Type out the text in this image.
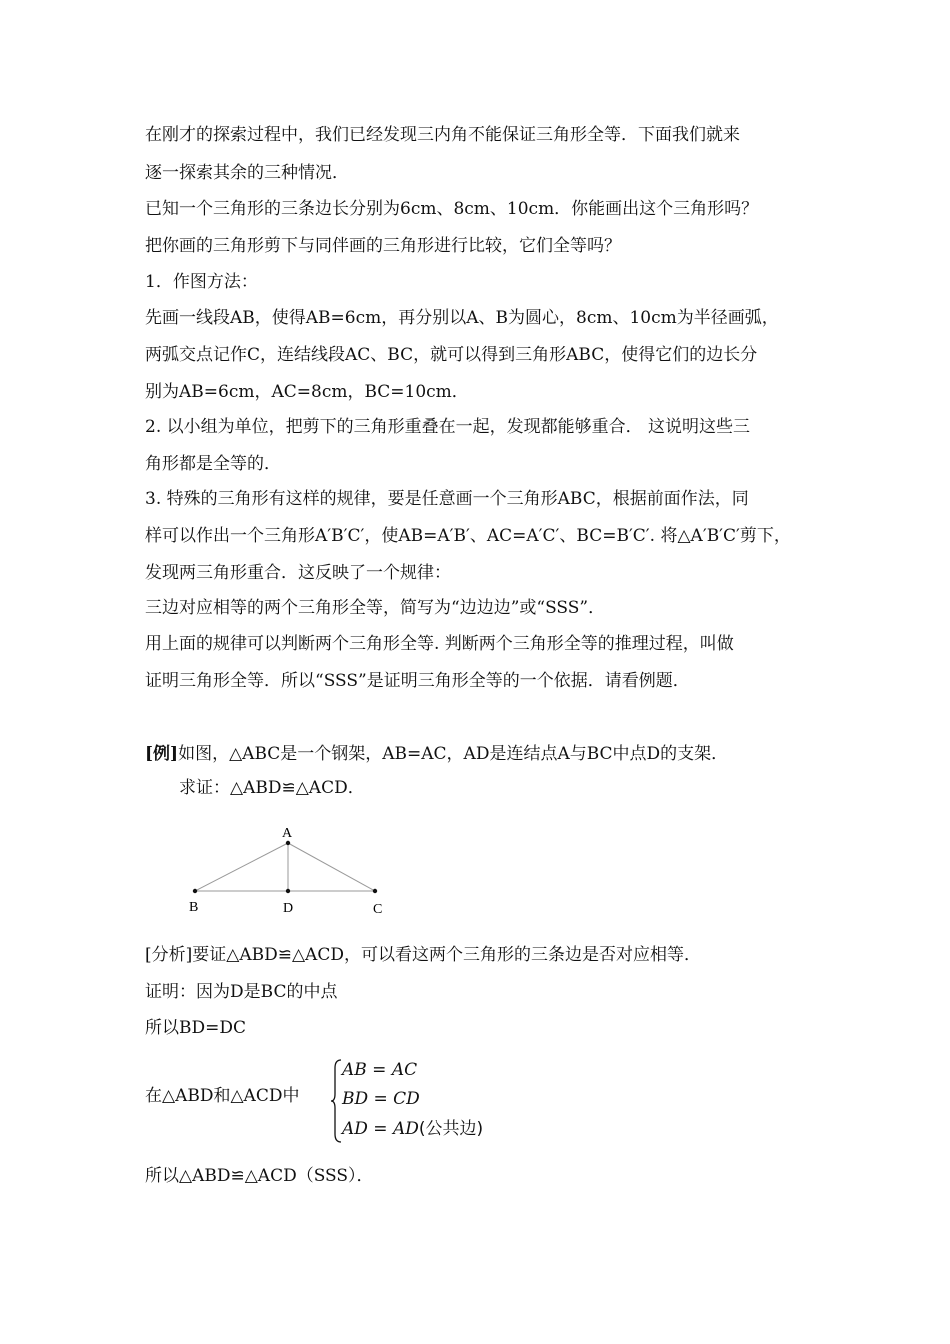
在刚才的探索过程中，我们已经发现三内角不能保证三角形全等．下面我们就来
逐一探索其余的三种情况．
已知一个三角形的三条边长分别为6cm、8cm、10cm．你能画出这个三角形吗？
把你画的三角形剪下与同伴画的三角形进行比较，它们全等吗？
1．作图方法：
先画一线段AB，使得AB=6cm，再分别以A、B为圆心，8cm、10cm为半径画弧，
两弧交点记作C，连结线段AC、BC，就可以得到三角形ABC，使得它们的边长分
别为AB=6cm，AC=8cm，BC=10cm．
2. 以小组为单位，把剪下的三角形重叠在一起，发现都能够重合． 这说明这些三
角形都是全等的．
3. 特殊的三角形有这样的规律，要是任意画一个三角形ABC，根据前面作法，同
样可以作出一个三角形A′B′C′，使AB=A′B′、AC=A′C′、BC=B′C′. 将△A′B′C′剪下，
发现两三角形重合．这反映了一个规律：
三边对应相等的两个三角形全等，简写为“边边边”或“SSS”．
用上面的规律可以判断两个三角形全等. 判断两个三角形全等的推理过程，叫做
证明三角形全等．所以“SSS”是证明三角形全等的一个依据．请看例题．
[例]如图，△ABC是一个钢架，AB=AC，AD是连结点A与BC中点D的支架．
求证：△ABD≌△ACD．
A
B	D	C
[分析]要证△ABD≌△ACD，可以看这两个三角形的三条边是否对应相等．
证明：因为D是BC的中点
所以BD=DC
在△ABD和△ACD中
AB = AC
BD = CD
AD = AD(公共边)
所以△ABD≌△ACD（SSS）．
